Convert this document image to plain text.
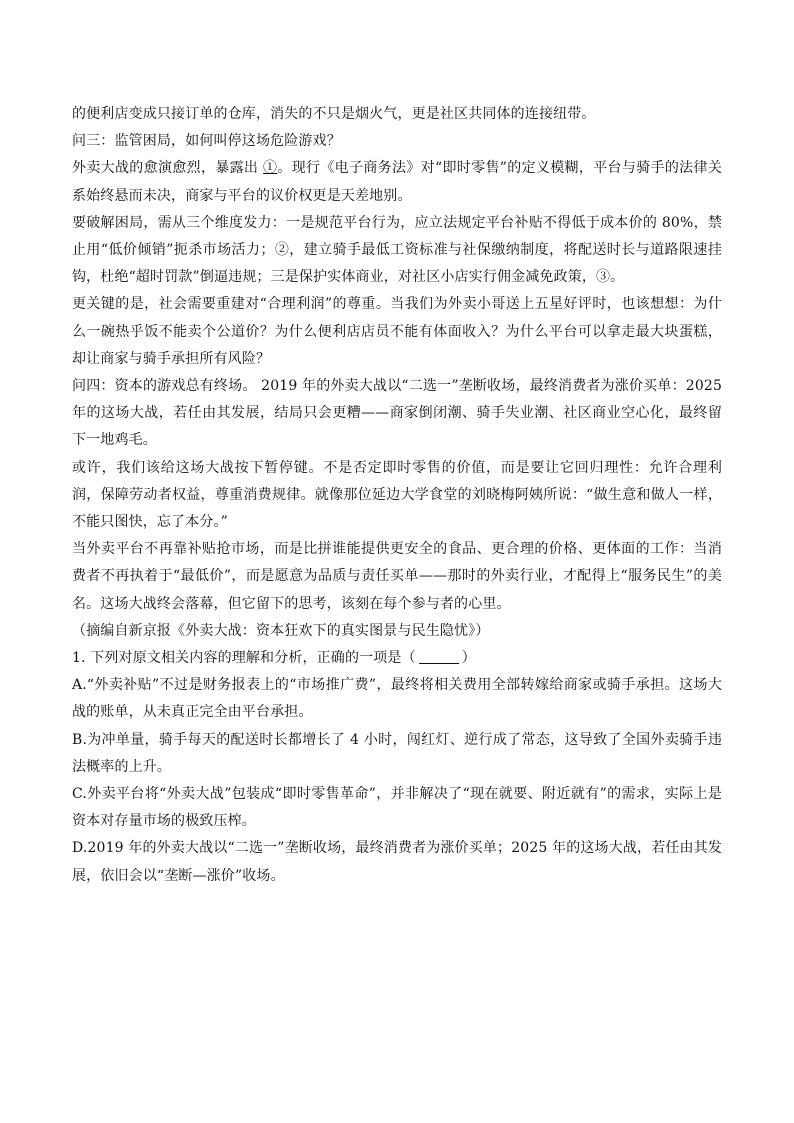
的便利店变成只接订单的仓库，消失的不只是烟火气，更是社区共同体的连接纽带。

问三：监管困局，如何叫停这场危险游戏？

外卖大战的愈演愈烈，暴露出 ①。现行《电子商务法》对“即时零售”的定义模糊，平台与骑手的法律关系始终悬而未决，商家与平台的议价权更是天差地别。

要破解困局，需从三个维度发力：一是规范平台行为，应立法规定平台补贴不得低于成本价的 80%，禁止用“低价倾销”扼杀市场活力；②，建立骑手最低工资标准与社保缴纳制度，将配送时长与道路限速挂钩，杜绝“超时罚款”倒逼违规；三是保护实体商业，对社区小店实行佣金减免政策，③。

更关键的是，社会需要重建对“合理利润”的尊重。当我们为外卖小哥送上五星好评时，也该想想：为什么一碗热乎饭不能卖个公道价？为什么便利店店员不能有体面收入？为什么平台可以拿走最大块蛋糕，却让商家与骑手承担所有风险？

问四：资本的游戏总有终场。 2019 年的外卖大战以“二选一”垄断收场，最终消费者为涨价买单：2025年的这场大战，若任由其发展，结局只会更糟——商家倒闭潮、骑手失业潮、社区商业空心化，最终留下一地鸡毛。

或许，我们该给这场大战按下暂停键。不是否定即时零售的价值，而是要让它回归理性：允许合理利润，保障劳动者权益，尊重消费规律。就像那位延边大学食堂的刘晓梅阿姨所说：“做生意和做人一样，不能只图快，忘了本分。”

当外卖平台不再靠补贴抢市场，而是比拼谁能提供更安全的食品、更合理的价格、更体面的工作：当消费者不再执着于“最低价”，而是愿意为品质与责任买单——那时的外卖行业，才配得上“服务民生”的美名。这场大战终会落幕，但它留下的思考，该刻在每个参与者的心里。

（摘编自新京报《外卖大战：资本狂欢下的真实图景与民生隐忧》）

1. 下列对原文相关内容的理解和分析，正确的一项是（	）

A.“外卖补贴”不过是财务报表上的“市场推广费”，最终将相关费用全部转嫁给商家或骑手承担。这场大战的账单，从未真正完全由平台承担。

B.为冲单量，骑手每天的配送时长都增长了 4 小时，闯红灯、逆行成了常态，这导致了全国外卖骑手违法概率的上升。

C.外卖平台将“外卖大战”包装成“即时零售革命”，并非解决了“现在就要、附近就有”的需求，实际上是资本对存量市场的极致压榨。

D.2019 年的外卖大战以“二选一”垄断收场，最终消费者为涨价买单；2025 年的这场大战，若任由其发展，依旧会以“垄断—涨价”收场。
